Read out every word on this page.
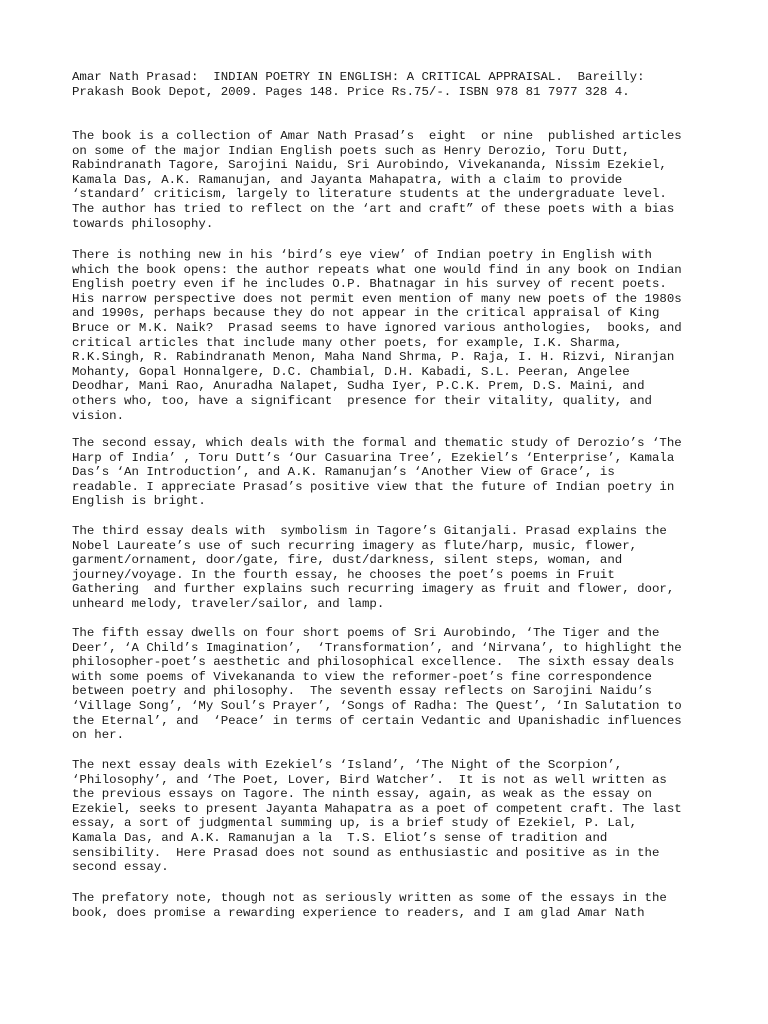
Amar Nath Prasad:  INDIAN POETRY IN ENGLISH: A CRITICAL APPRAISAL.  Bareilly:
Prakash Book Depot, 2009. Pages 148. Price Rs.75/-. ISBN 978 81 7977 328 4.

The book is a collection of Amar Nath Prasad’s  eight  or nine  published articles
on some of the major Indian English poets such as Henry Derozio, Toru Dutt,
Rabindranath Tagore, Sarojini Naidu, Sri Aurobindo, Vivekananda, Nissim Ezekiel,
Kamala Das, A.K. Ramanujan, and Jayanta Mahapatra, with a claim to provide
‘standard’ criticism, largely to literature students at the undergraduate level.
The author has tried to reflect on the ‘art and craft” of these poets with a bias
towards philosophy.

There is nothing new in his ‘bird’s eye view’ of Indian poetry in English with
which the book opens: the author repeats what one would find in any book on Indian
English poetry even if he includes O.P. Bhatnagar in his survey of recent poets.
His narrow perspective does not permit even mention of many new poets of the 1980s
and 1990s, perhaps because they do not appear in the critical appraisal of King
Bruce or M.K. Naik?  Prasad seems to have ignored various anthologies,  books, and
critical articles that include many other poets, for example, I.K. Sharma,
R.K.Singh, R. Rabindranath Menon, Maha Nand Shrma, P. Raja, I. H. Rizvi, Niranjan
Mohanty, Gopal Honnalgere, D.C. Chambial, D.H. Kabadi, S.L. Peeran, Angelee
Deodhar, Mani Rao, Anuradha Nalapet, Sudha Iyer, P.C.K. Prem, D.S. Maini, and
others who, too, have a significant  presence for their vitality, quality, and
vision.

The second essay, which deals with the formal and thematic study of Derozio’s ‘The
Harp of India’ , Toru Dutt’s ‘Our Casuarina Tree’, Ezekiel’s ‘Enterprise’, Kamala
Das’s ‘An Introduction’, and A.K. Ramanujan’s ‘Another View of Grace’, is
readable. I appreciate Prasad’s positive view that the future of Indian poetry in
English is bright.

The third essay deals with  symbolism in Tagore’s Gitanjali. Prasad explains the
Nobel Laureate’s use of such recurring imagery as flute/harp, music, flower,
garment/ornament, door/gate, fire, dust/darkness, silent steps, woman, and
journey/voyage. In the fourth essay, he chooses the poet’s poems in Fruit
Gathering  and further explains such recurring imagery as fruit and flower, door,
unheard melody, traveler/sailor, and lamp.

The fifth essay dwells on four short poems of Sri Aurobindo, ‘The Tiger and the
Deer’, ‘A Child’s Imagination’,  ‘Transformation’, and ‘Nirvana’, to highlight the
philosopher-poet’s aesthetic and philosophical excellence.  The sixth essay deals
with some poems of Vivekananda to view the reformer-poet’s fine correspondence
between poetry and philosophy.  The seventh essay reflects on Sarojini Naidu’s
‘Village Song’, ‘My Soul’s Prayer’, ‘Songs of Radha: The Quest’, ‘In Salutation to
the Eternal’, and  ‘Peace’ in terms of certain Vedantic and Upanishadic influences
on her.

The next essay deals with Ezekiel’s ‘Island’, ‘The Night of the Scorpion’,
‘Philosophy’, and ‘The Poet, Lover, Bird Watcher’.  It is not as well written as
the previous essays on Tagore. The ninth essay, again, as weak as the essay on
Ezekiel, seeks to present Jayanta Mahapatra as a poet of competent craft. The last
essay, a sort of judgmental summing up, is a brief study of Ezekiel, P. Lal,
Kamala Das, and A.K. Ramanujan a la  T.S. Eliot’s sense of tradition and
sensibility.  Here Prasad does not sound as enthusiastic and positive as in the
second essay.

The prefatory note, though not as seriously written as some of the essays in the
book, does promise a rewarding experience to readers, and I am glad Amar Nath
